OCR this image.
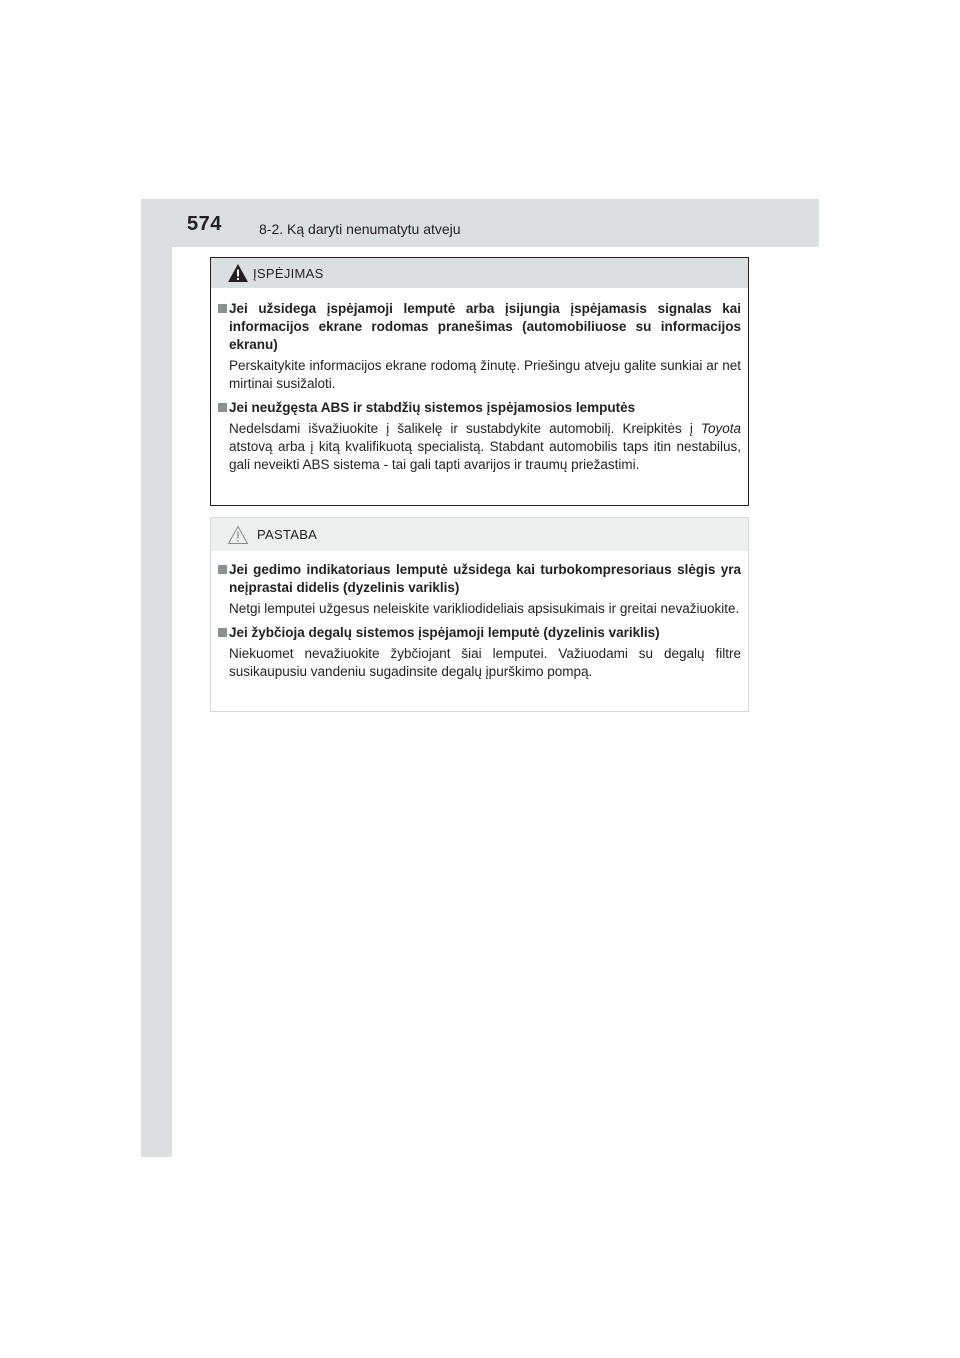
574	8-2. Ką daryti nenumatytu atveju
ĮSPĖJIMAS
Jei užsidega įspėjamoji lemputė arba įsijungia įspėjamasis signalas kai informacijos ekrane rodomas pranešimas (automobiliuose su informacijos ekranu)
Perskaitykite informacijos ekrane rodomą žinutę. Priešingu atveju galite sunkiai ar net mirtinai susižaloti.
Jei neužgęsta ABS ir stabdžių sistemos įspėjamosios lemputės
Nedelsdami išvažiuokite į šalikelę ir sustabdykite automobilį. Kreipkitės į Toyota atstovą arba į kitą kvalifikuotą specialistą. Stabdant automobilis taps itin nestabilus, gali neveikti ABS sistema - tai gali tapti avarijos ir traumų priežastimi.
PASTABA
Jei gedimo indikatoriaus lemputė užsidega kai turbokompresoriaus slėgis yra neįprastai didelis (dyzelinis variklis)
Netgi lemputei užgesus neleiskite varikliodideliais apsisukimais ir greitai nevažiuokite.
Jei žybčioja degalų sistemos įspėjamoji lemputė (dyzelinis variklis)
Niekuomet nevažiuokite žybčiojant šiai lemputei. Važiuodami su degalų filtre susikaupusiu vandeniu sugadinsite degalų įpurškimo pompą.
